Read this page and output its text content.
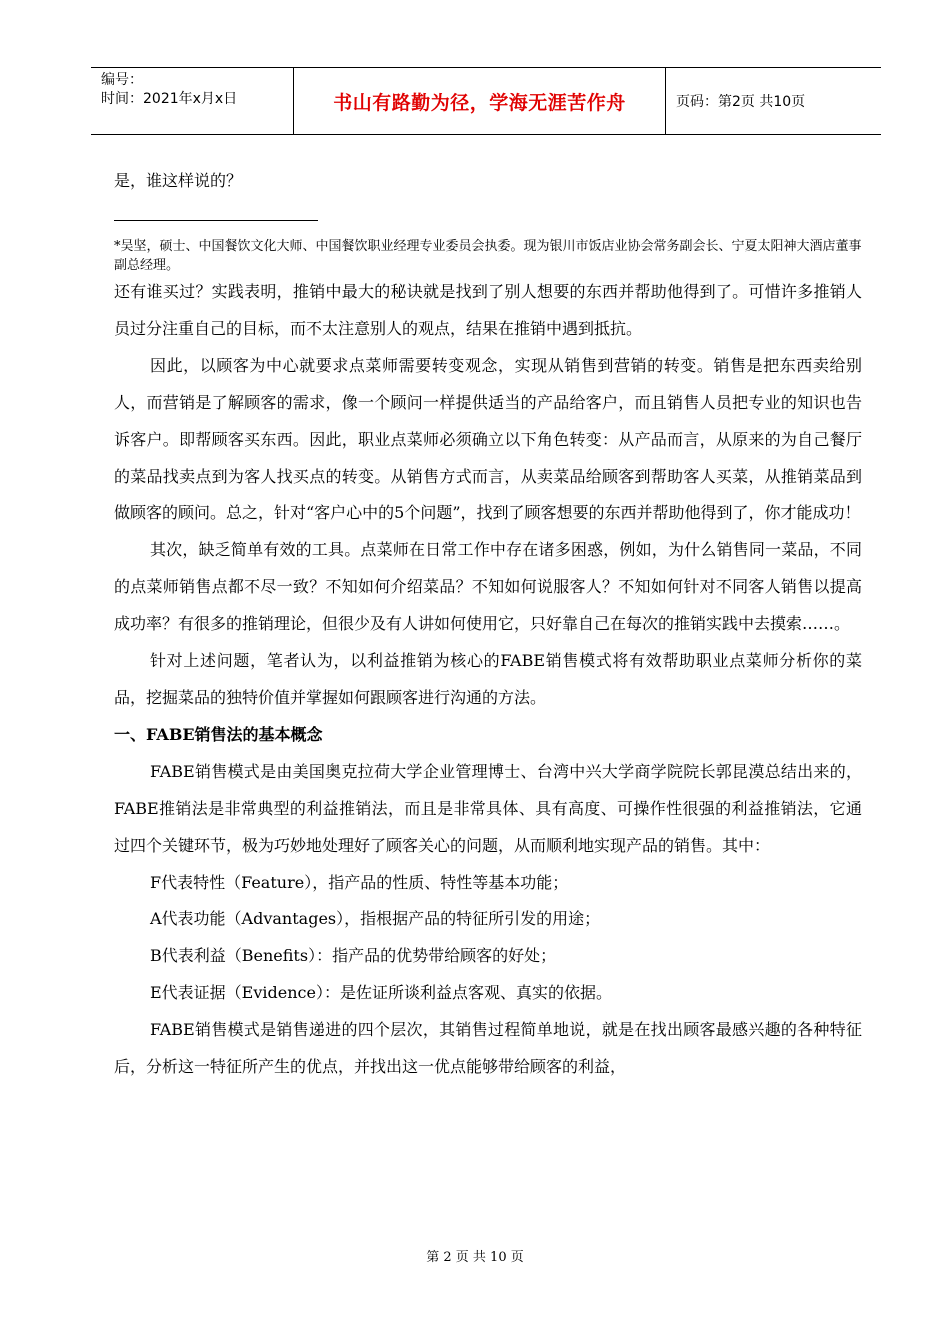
编号：
时间：2021年x月x日	书山有路勤为径，学海无涯苦作舟	页码：第2页 共10页

是，谁这样说的？

*吴坚，硕士、中国餐饮文化大师、中国餐饮职业经理专业委员会执委。现为银川市饭店业协会常务副会长、宁夏太阳神大酒店董事副总经理。

还有谁买过？实践表明，推销中最大的秘诀就是找到了别人想要的东西并帮助他得到了。可惜许多推销人员过分注重自己的目标，而不太注意别人的观点，结果在推销中遇到抵抗。

因此，以顾客为中心就要求点菜师需要转变观念，实现从销售到营销的转变。销售是把东西卖给别人，而营销是了解顾客的需求，像一个顾问一样提供适当的产品给客户，而且销售人员把专业的知识也告诉客户。即帮顾客买东西。因此，职业点菜师必须确立以下角色转变：从产品而言，从原来的为自己餐厅的菜品找卖点到为客人找买点的转变。从销售方式而言，从卖菜品给顾客到帮助客人买菜，从推销菜品到做顾客的顾问。总之，针对“客户心中的5个问题”，找到了顾客想要的东西并帮助他得到了，你才能成功！

其次，缺乏简单有效的工具。点菜师在日常工作中存在诸多困惑，例如，为什么销售同一菜品，不同的点菜师销售点都不尽一致？不知如何介绍菜品？不知如何说服客人？不知如何针对不同客人销售以提高成功率？有很多的推销理论，但很少及有人讲如何使用它，只好靠自己在每次的推销实践中去摸索……。

针对上述问题，笔者认为，以利益推销为核心的FABE销售模式将有效帮助职业点菜师分析你的菜品，挖掘菜品的独特价值并掌握如何跟顾客进行沟通的方法。

一、FABE销售法的基本概念

FABE销售模式是由美国奥克拉荷大学企业管理博士、台湾中兴大学商学院院长郭昆漠总结出来的，FABE推销法是非常典型的利益推销法，而且是非常具体、具有高度、可操作性很强的利益推销法，它通过四个关键环节，极为巧妙地处理好了顾客关心的问题，从而顺利地实现产品的销售。其中：

F代表特性（Feature），指产品的性质、特性等基本功能；

A代表功能（Advantages），指根据产品的特征所引发的用途；

B代表利益（Benefits）：指产品的优势带给顾客的好处；

E代表证据（Evidence）：是佐证所谈利益点客观、真实的依据。

FABE销售模式是销售递进的四个层次，其销售过程简单地说，就是在找出顾客最感兴趣的各种特征后，分析这一特征所产生的优点，并找出这一优点能够带给顾客的利益，

第 2 页 共 10 页
